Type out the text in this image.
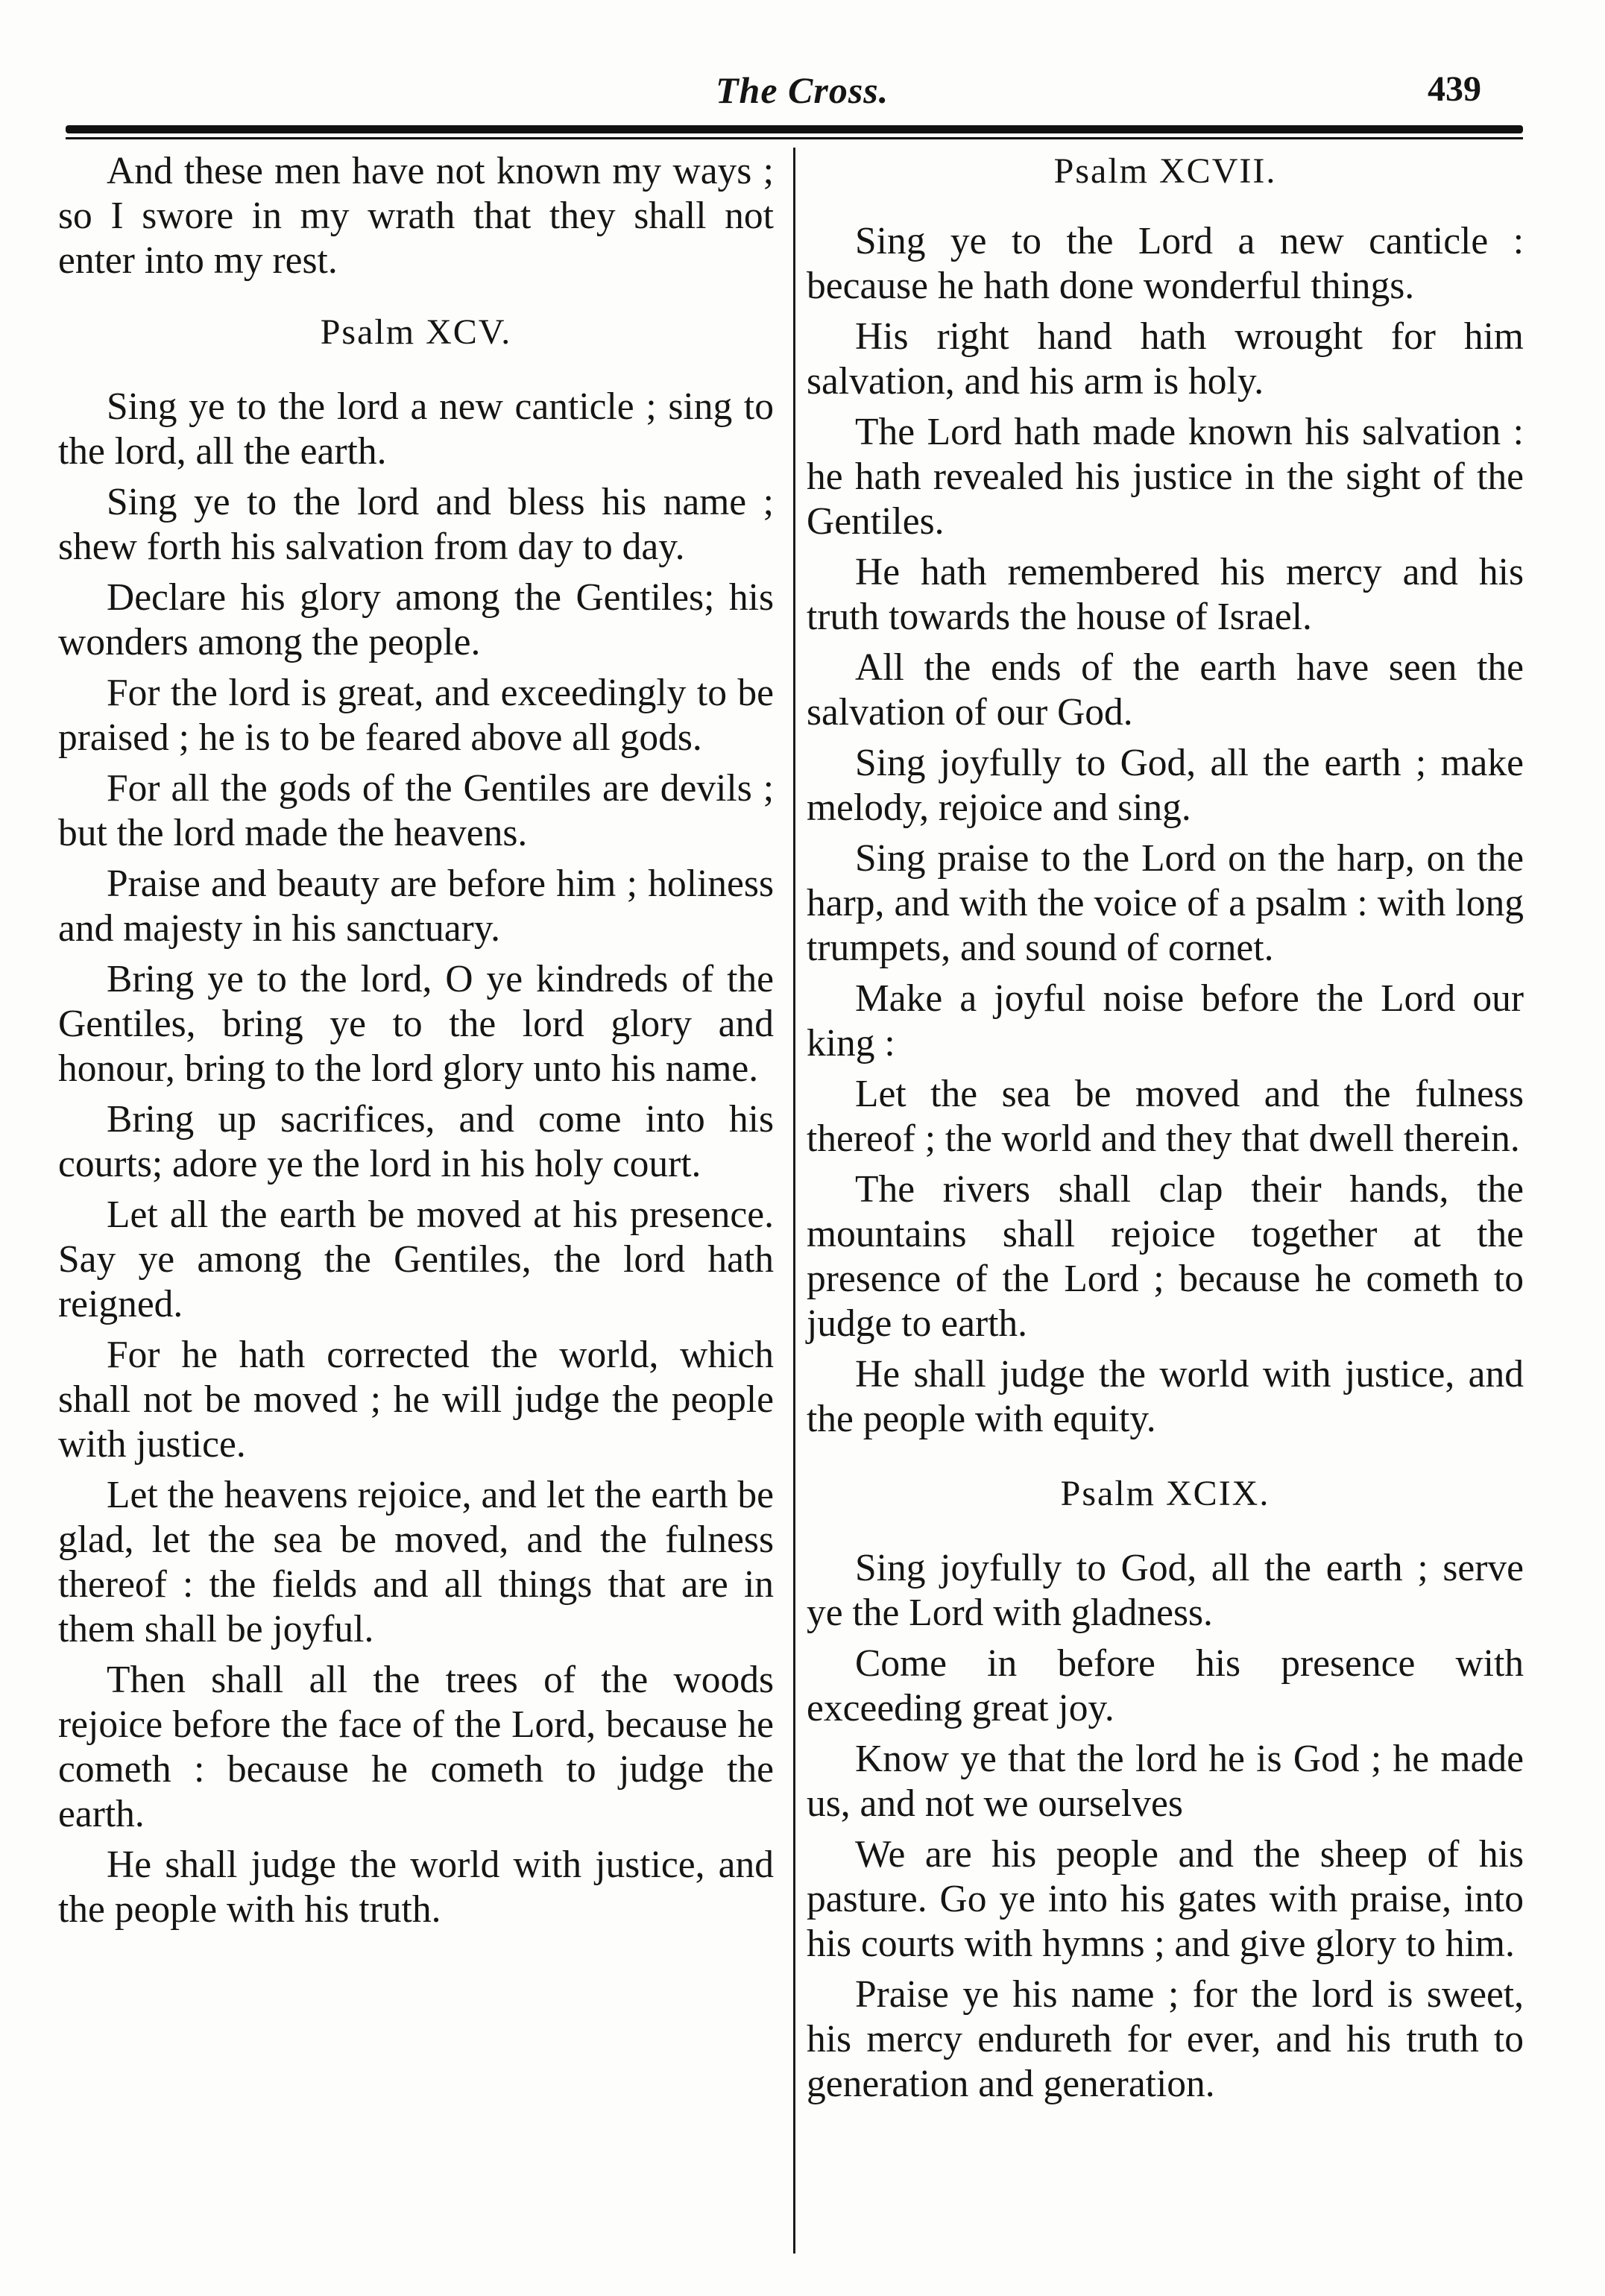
The Cross.	439

And these men have not known my ways ; so I swore in my wrath that they shall not enter into my rest.

Psalm XCV.

Sing ye to the lord a new canticle ; sing to the lord, all the earth.

Sing ye to the lord and bless his name ; shew forth his salvation from day to day.

Declare his glory among the Gentiles; his wonders among the people.

For the lord is great, and exceedingly to be praised ; he is to be feared above all gods.

For all the gods of the Gentiles are devils ; but the lord made the heavens.

Praise and beauty are before him ; holiness and majesty in his sanctuary.

Bring ye to the lord, O ye kindreds of the Gentiles, bring ye to the lord glory and honour, bring to the lord glory unto his name.

Bring up sacrifices, and come into his courts; adore ye the lord in his holy court.

Let all the earth be moved at his presence. Say ye among the Gentiles, the lord hath reigned.

For he hath corrected the world, which shall not be moved ; he will judge the people with justice.

Let the heavens rejoice, and let the earth be glad, let the sea be moved, and the fulness thereof : the fields and all things that are in them shall be joyful.

Then shall all the trees of the woods rejoice before the face of the Lord, because he cometh : because he cometh to judge the earth.

He shall judge the world with justice, and the people with his truth.

Psalm XCVII.

Sing ye to the Lord a new canticle : because he hath done wonderful things.

His right hand hath wrought for him salvation, and his arm is holy.

The Lord hath made known his salvation : he hath revealed his justice in the sight of the Gentiles.

He hath remembered his mercy and his truth towards the house of Israel.

All the ends of the earth have seen the salvation of our God.

Sing joyfully to God, all the earth ; make melody, rejoice and sing.

Sing praise to the Lord on the harp, on the harp, and with the voice of a psalm : with long trumpets, and sound of cornet.

Make a joyful noise before the Lord our king :

Let the sea be moved and the fulness thereof ; the world and they that dwell therein.

The rivers shall clap their hands, the mountains shall rejoice together at the presence of the Lord ; because he cometh to judge to earth.

He shall judge the world with justice, and the people with equity.

Psalm XCIX.

Sing joyfully to God, all the earth ; serve ye the Lord with gladness.

Come in before his presence with exceeding great joy.

Know ye that the lord he is God ; he made us, and not we ourselves

We are his people and the sheep of his pasture. Go ye into his gates with praise, into his courts with hymns ; and give glory to him.

Praise ye his name ; for the lord is sweet, his mercy endureth for ever, and his truth to generation and generation.
